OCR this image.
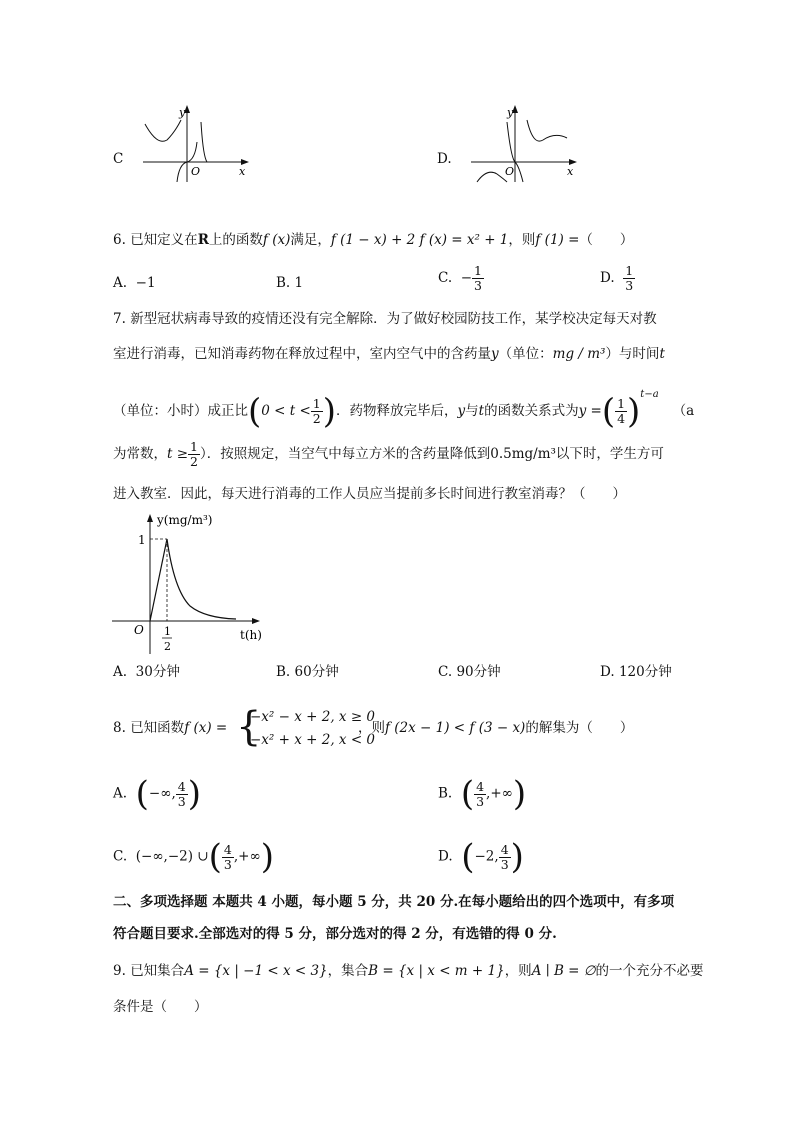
C
y
x
O
D.
y
x
O
6. 已知定义在R上的函数f (x)满足，f (1 − x) + 2 f (x) = x² + 1，则f (1) =（　　）
A. −1	B. 1	C. − $\frac{1}{3}$	D. $\frac{1}{3}$
7. 新型冠状病毒导致的疫情还没有完全解除．为了做好校园防技工作，某学校决定每天对教
室进行消毒，已知消毒药物在释放过程中，室内空气中的含药量y（单位：mg / m³）与时间t
（单位：小时）成正比($0 < t < \frac{1}{2}$ )．药物释放完毕后，y与t的函数关系式为y =( $\frac{1}{4} )^{t-a}(a$
为常数，$t \ge \frac{1}{2}$ ）．按照规定，当空气中每立方米的含药量降低到0.5mg/m³以下时，学生方可
进入教室．因此，每天进行消毒的工作人员应当提前多长时间进行教室消毒？（　　）
y(mg/m³)
t(h)
1
O 1
2
A. 30分钟	B. 60分钟	C. 90分钟	D. 120分钟
8. 已知函数f (x) = {
−x² − x + 2, x ≥ 0
−x² + x + 2, x < 0
，则f (2x − 1) < f (3 − x)的解集为（　　）
A. (−∞, $\frac{4}{3}$ )	B. ( $\frac{4}{3}$ ,+∞)
C. (−∞,−2) ∪( $\frac{4}{3}$ ,+∞)	D. (−2, $\frac{4}{3}$ )
二、多项选择题 本题共 4 小题，每小题 5 分，共 20 分.在每小题给出的四个选项中，有多项
符合题目要求.全部选对的得 5 分，部分选对的得 2 分，有选错的得 0 分.
9. 已知集合A = {x | −1 < x < 3}，集合B = {x | x < m + 1}，则A ∣ B = ∅的一个充分不必要
条件是（　　）
